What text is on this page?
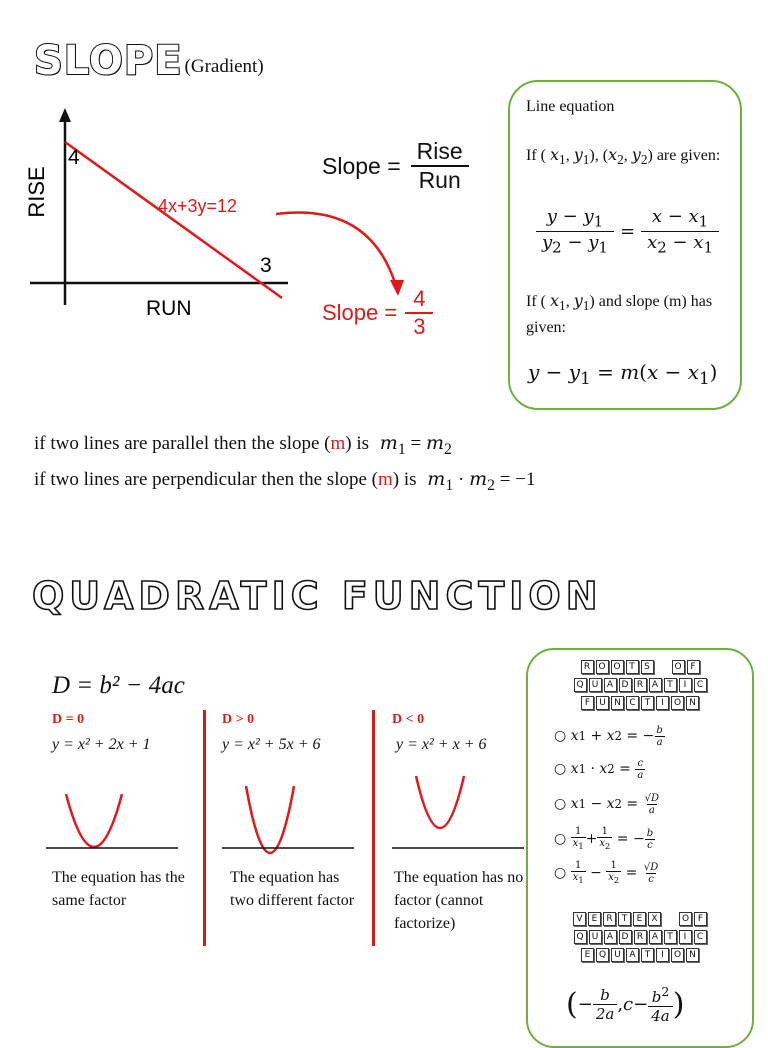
SLOPE (Gradient)
RISE
4
3
RUN
4x+3y=12
Slope = $\frac{\text{Rise}}{\text{Run}}$
Slope = $\frac{4}{3}$
Line equation
If ( $x_1$, $y_1$), ($x_2$, $y_2$) are given:
$\frac{y - y_1}{y_2 - y_1} = \frac{x - x_1}{x_2 - x_1}$
If ( $x_1$, $y_1$) and slope (m) has given:
$y - y_1 = m(x - x_1)$
if two lines are parallel then the slope (m) is $m_1 = m_2$
if two lines are perpendicular then the slope (m) is $m_1 \cdot m_2 = -1$
QUADRATIC FUNCTION
D = b² − 4ac
D = 0
y = x² + 2x + 1
The equation has the same factor
D > 0
y = x² + 5x + 6
The equation has two different factor
D < 0
y = x² + x + 6
The equation has no factor (cannot factorize)
R O O T	S	O F
Q U A D R A	T	I	C
F	U N C	T	I	O N
○
x 1 + x 2 = − $\frac{b}{a}$
○
x 1 · x $2 = \frac{c}{a}$
○
x 1 − x $2 = \frac{√D}{a}$
○
$\frac{1}{x_1} + \frac{1}{x_2}$ = − $\frac{b}{c}$
○
$\frac{1}{x_1} - \frac{1}{x_2} = \frac{√D}{c}$
V	E	R	T	E	X	O F
Q U A D R A	T	I	C
E Q U A	T	I	O N
( − $\frac{b}{2a}$ , $c - \frac{b^2}{4a}$ )
